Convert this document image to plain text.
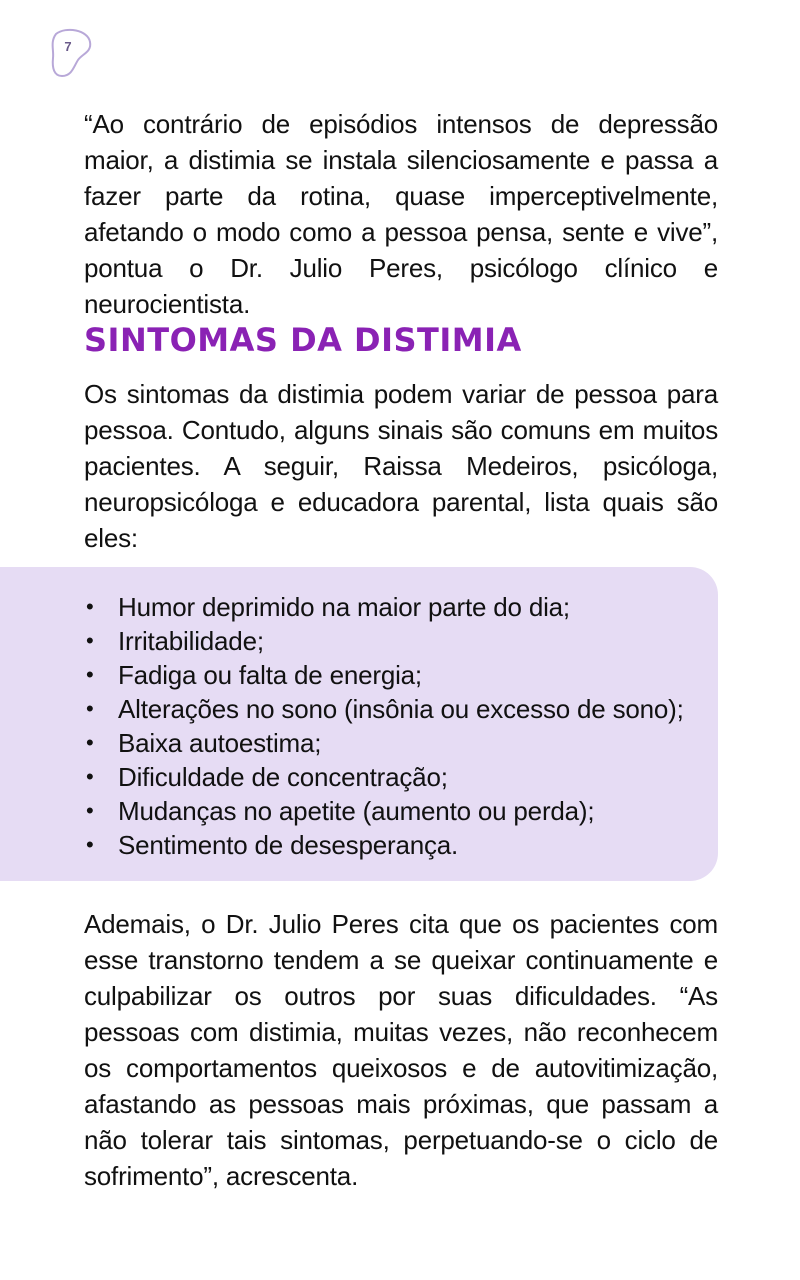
7

“Ao contrário de episódios intensos de depressão maior, a distimia se instala silenciosamente e passa a fazer parte da rotina, quase imperceptivelmente, afetando o modo como a pessoa pensa, sente e vive”, pontua o Dr. Julio Peres, psicólogo clínico e neurocientista.

SINTOMAS DA DISTIMIA

Os sintomas da distimia podem variar de pessoa para pessoa. Contudo, alguns sinais são comuns em muitos pacientes. A seguir, Raissa Medeiros, psicóloga, neuropsicóloga e educadora parental, lista quais são eles:

• Humor deprimido na maior parte do dia;
• Irritabilidade;
• Fadiga ou falta de energia;
• Alterações no sono (insônia ou excesso de sono);
• Baixa autoestima;
• Dificuldade de concentração;
• Mudanças no apetite (aumento ou perda);
• Sentimento de desesperança.

Ademais, o Dr. Julio Peres cita que os pacientes com esse transtorno tendem a se queixar continuamente e culpabilizar os outros por suas dificuldades. “As pessoas com distimia, muitas vezes, não reconhecem os comportamentos queixosos e de autovitimização, afastando as pessoas mais próximas, que passam a não tolerar tais sintomas, perpetuando-se o ciclo de sofrimento”, acrescenta.
